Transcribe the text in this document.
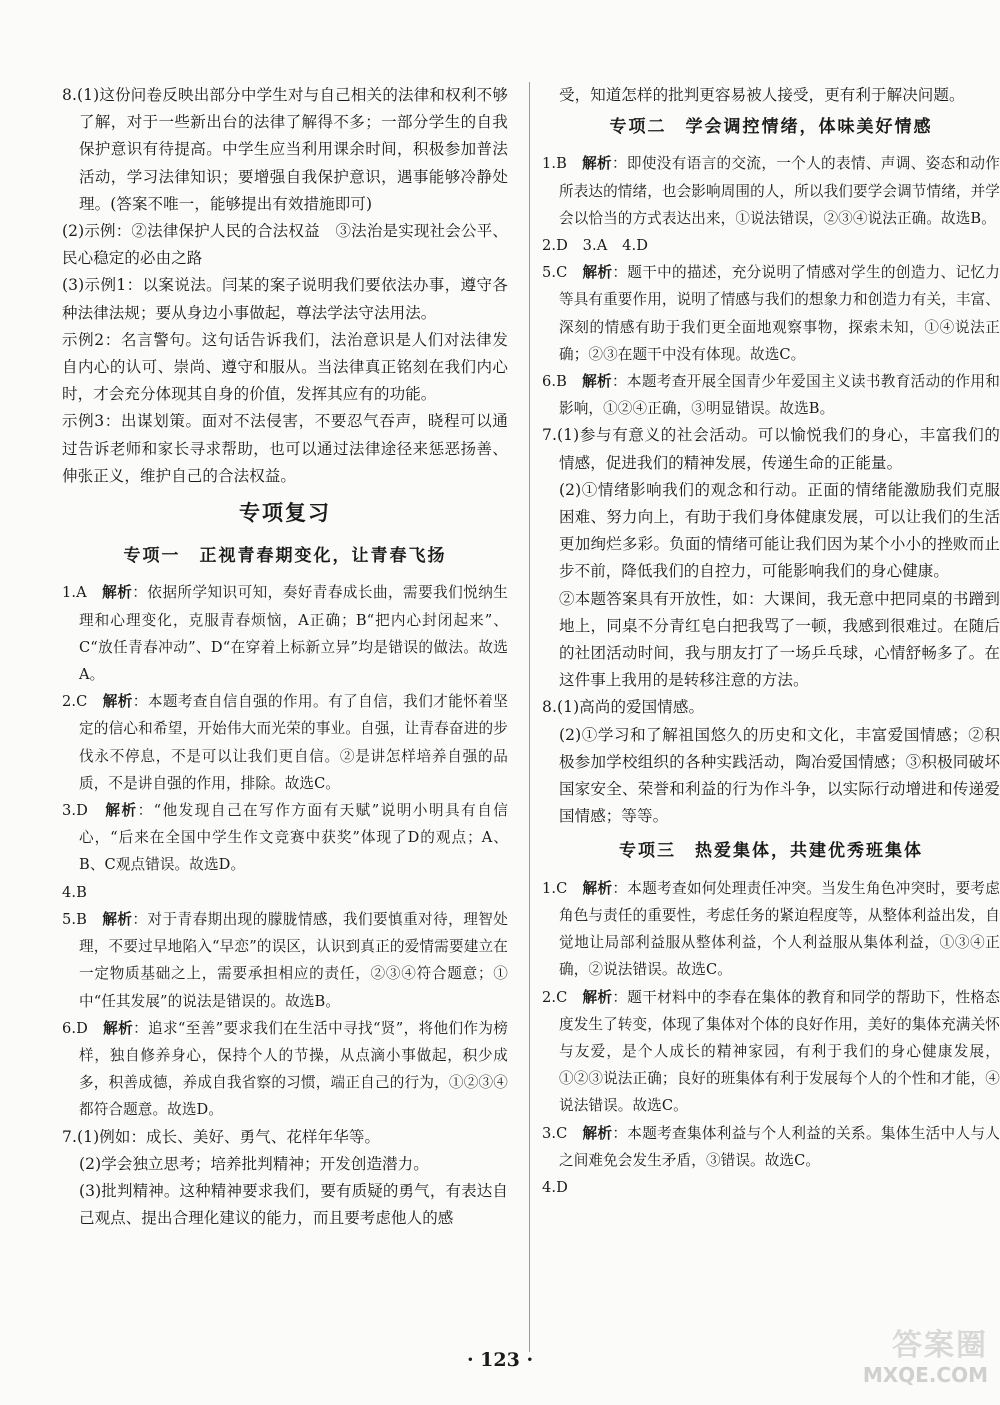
8.(1)这份问卷反映出部分中学生对与自己相关的法律和权利不够了解，对于一些新出台的法律了解得不多；一部分学生的自我保护意识有待提高。中学生应当利用课余时间，积极参加普法活动，学习法律知识；要增强自我保护意识，遇事能够冷静处理。(答案不唯一，能够提出有效措施即可)

(2)示例：②法律保护人民的合法权益　③法治是实现社会公平、民心稳定的必由之路

(3)示例1：以案说法。闫某的案子说明我们要依法办事，遵守各种法律法规；要从身边小事做起，尊法学法守法用法。

示例2：名言警句。这句话告诉我们，法治意识是人们对法律发自内心的认可、崇尚、遵守和服从。当法律真正铭刻在我们内心时，才会充分体现其自身的价值，发挥其应有的功能。

示例3：出谋划策。面对不法侵害，不要忍气吞声，晓程可以通过告诉老师和家长寻求帮助，也可以通过法律途径来惩恶扬善、伸张正义，维护自己的合法权益。

专项复习
专项一　正视青春期变化，让青春飞扬

1.A　 解析：依据所学知识可知，奏好青春成长曲，需要我们悦纳生理和心理变化，克服青春烦恼，A正确；B“把内心封闭起来”、C“放任青春冲动”、D“在穿着上标新立异”均是错误的做法。故选A。

2.C　 解析：本题考查自信自强的作用。有了自信，我们才能怀着坚定的信心和希望，开始伟大而光荣的事业。自强，让青春奋进的步伐永不停息，不是可以让我们更自信。②是讲怎样培养自强的品质，不是讲自强的作用，排除。故选C。

3.D　 解析：“他发现自己在写作方面有天赋”说明小明具有自信心，“后来在全国中学生作文竞赛中获奖”体现了D的观点；A、B、C观点错误。故选D。

4.B

5.B　 解析：对于青春期出现的朦胧情感，我们要慎重对待，理智处理，不要过早地陷入“早恋”的误区，认识到真正的爱情需要建立在一定物质基础之上，需要承担相应的责任，②③④符合题意；①中“任其发展”的说法是错误的。故选B。

6.D　 解析：追求“至善”要求我们在生活中寻找“贤”，将他们作为榜样，独自修养身心，保持个人的节操，从点滴小事做起，积少成多，积善成德，养成自我省察的习惯，端正自己的行为，①②③④都符合题意。故选D。

7.(1)例如：成长、美好、勇气、花样年华等。

(2)学会独立思考；培养批判精神；开发创造潜力。

(3)批判精神。这种精神要求我们，要有质疑的勇气，有表达自己观点、提出合理化建议的能力，而且要考虑他人的感

受，知道怎样的批判更容易被人接受，更有利于解决问题。

专项二　学会调控情绪，体味美好情感

1.B　 解析：即使没有语言的交流，一个人的表情、声调、姿态和动作所表达的情绪，也会影响周围的人，所以我们要学会调节情绪，并学会以恰当的方式表达出来，①说法错误，②③④说法正确。故选B。

2.D　3.A　4.D

5.C　 解析：题干中的描述，充分说明了情感对学生的创造力、记忆力等具有重要作用，说明了情感与我们的想象力和创造力有关，丰富、深刻的情感有助于我们更全面地观察事物，探索未知，①④说法正确；②③在题干中没有体现。故选C。

6.B　 解析：本题考查开展全国青少年爱国主义读书教育活动的作用和影响，①②④正确，③明显错误。故选B。

7.(1)参与有意义的社会活动。可以愉悦我们的身心，丰富我们的情感，促进我们的精神发展，传递生命的正能量。

(2)①情绪影响我们的观念和行动。正面的情绪能激励我们克服困难、努力向上，有助于我们身体健康发展，可以让我们的生活更加绚烂多彩。负面的情绪可能让我们因为某个小小的挫败而止步不前，降低我们的自控力，可能影响我们的身心健康。

②本题答案具有开放性，如：大课间，我无意中把同桌的书蹭到地上，同桌不分青红皂白把我骂了一顿，我感到很难过。在随后的社团活动时间，我与朋友打了一场乒乓球，心情舒畅多了。在这件事上我用的是转移注意的方法。

8.(1)高尚的爱国情感。

(2)①学习和了解祖国悠久的历史和文化，丰富爱国情感；②积极参加学校组织的各种实践活动，陶冶爱国情感；③积极同破坏国家安全、荣誉和利益的行为作斗争，以实际行动增进和传递爱国情感；等等。

专项三　热爱集体，共建优秀班集体

1.C　 解析：本题考查如何处理责任冲突。当发生角色冲突时，要考虑角色与责任的重要性，考虑任务的紧迫程度等，从整体利益出发，自觉地让局部利益服从整体利益，个人利益服从集体利益，①③④正确，②说法错误。故选C。

2.C　 解析：题干材料中的李春在集体的教育和同学的帮助下，性格态度发生了转变，体现了集体对个体的良好作用，美好的集体充满关怀与友爱，是个人成长的精神家园，有利于我们的身心健康发展，①②③说法正确；良好的班集体有利于发展每个人的个性和才能，④说法错误。故选C。

3.C　 解析：本题考查集体利益与个人利益的关系。集体生活中人与人之间难免会发生矛盾，③错误。故选C。

4.D

· 123 ·	答案圈
MXQE.COM
